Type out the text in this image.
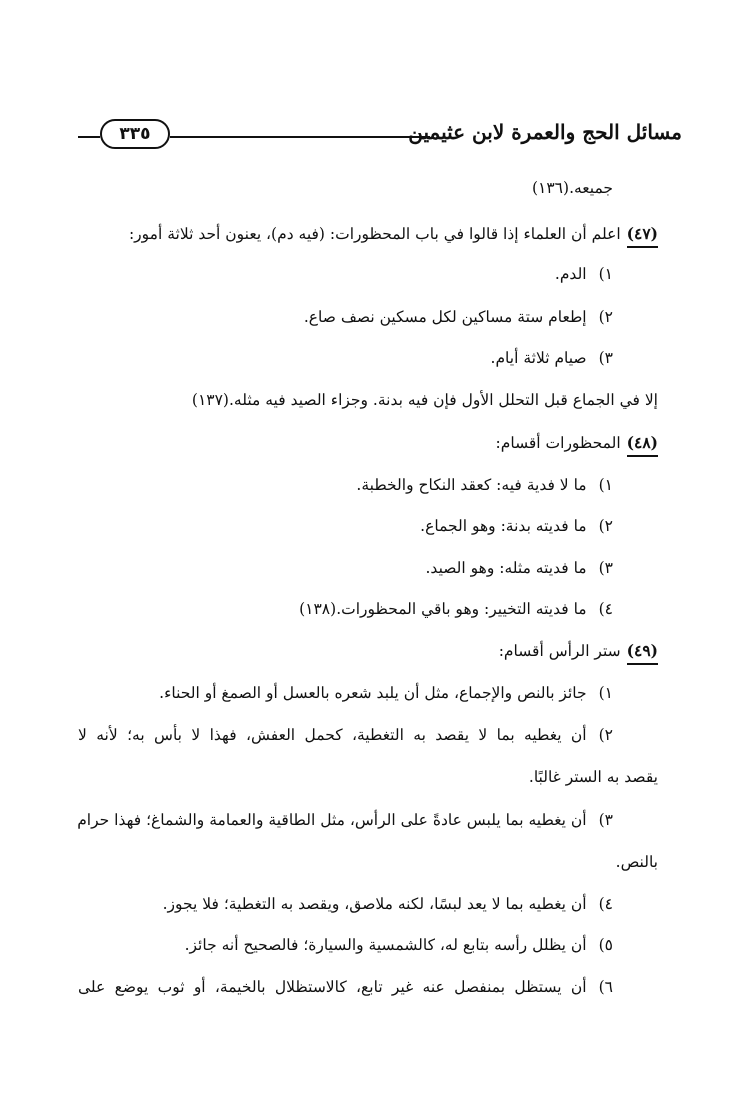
مسائل الحج والعمرة لابن عثيمين
٣٣٥
جميعه.(١٣٦)
(٤٧)اعلم أن العلماء إذا قالوا في باب المحظورات: (فيه دم)، يعنون أحد ثلاثة أمور:
١)الدم.
٢)إطعام ستة مساكين لكل مسكين نصف صاع.
٣)صيام ثلاثة أيام.
إلا في الجماع قبل التحلل الأول فإن فيه بدنة. وجزاء الصيد فيه مثله.(١٣٧)
(٤٨)المحظورات أقسام:
١)ما لا فدية فيه: كعقد النكاح والخطبة.
٢)ما فديته بدنة: وهو الجماع.
٣)ما فديته مثله: وهو الصيد.
٤)ما فديته التخيير: وهو باقي المحظورات.(١٣٨)
(٤٩)ستر الرأس أقسام:
١)جائز بالنص والإجماع، مثل أن يلبد شعره بالعسل أو الصمغ أو الحناء.
٢)أن يغطيه بما لا يقصد به التغطية، كحمل العفش، فهذا لا بأس به؛ لأنه لا
يقصد به الستر غالبًا.
٣)أن يغطيه بما يلبس عادةً على الرأس، مثل الطاقية والعمامة والشماغ؛ فهذا حرام
بالنص.
٤)أن يغطيه بما لا يعد لبسًا، لكنه ملاصق، ويقصد به التغطية؛ فلا يجوز.
٥)أن يظلل رأسه بتابع له، كالشمسية والسيارة؛ فالصحيح أنه جائز.
٦)أن يستظل بمنفصل عنه غير تابع، كالاستظلال بالخيمة، أو ثوب يوضع على
